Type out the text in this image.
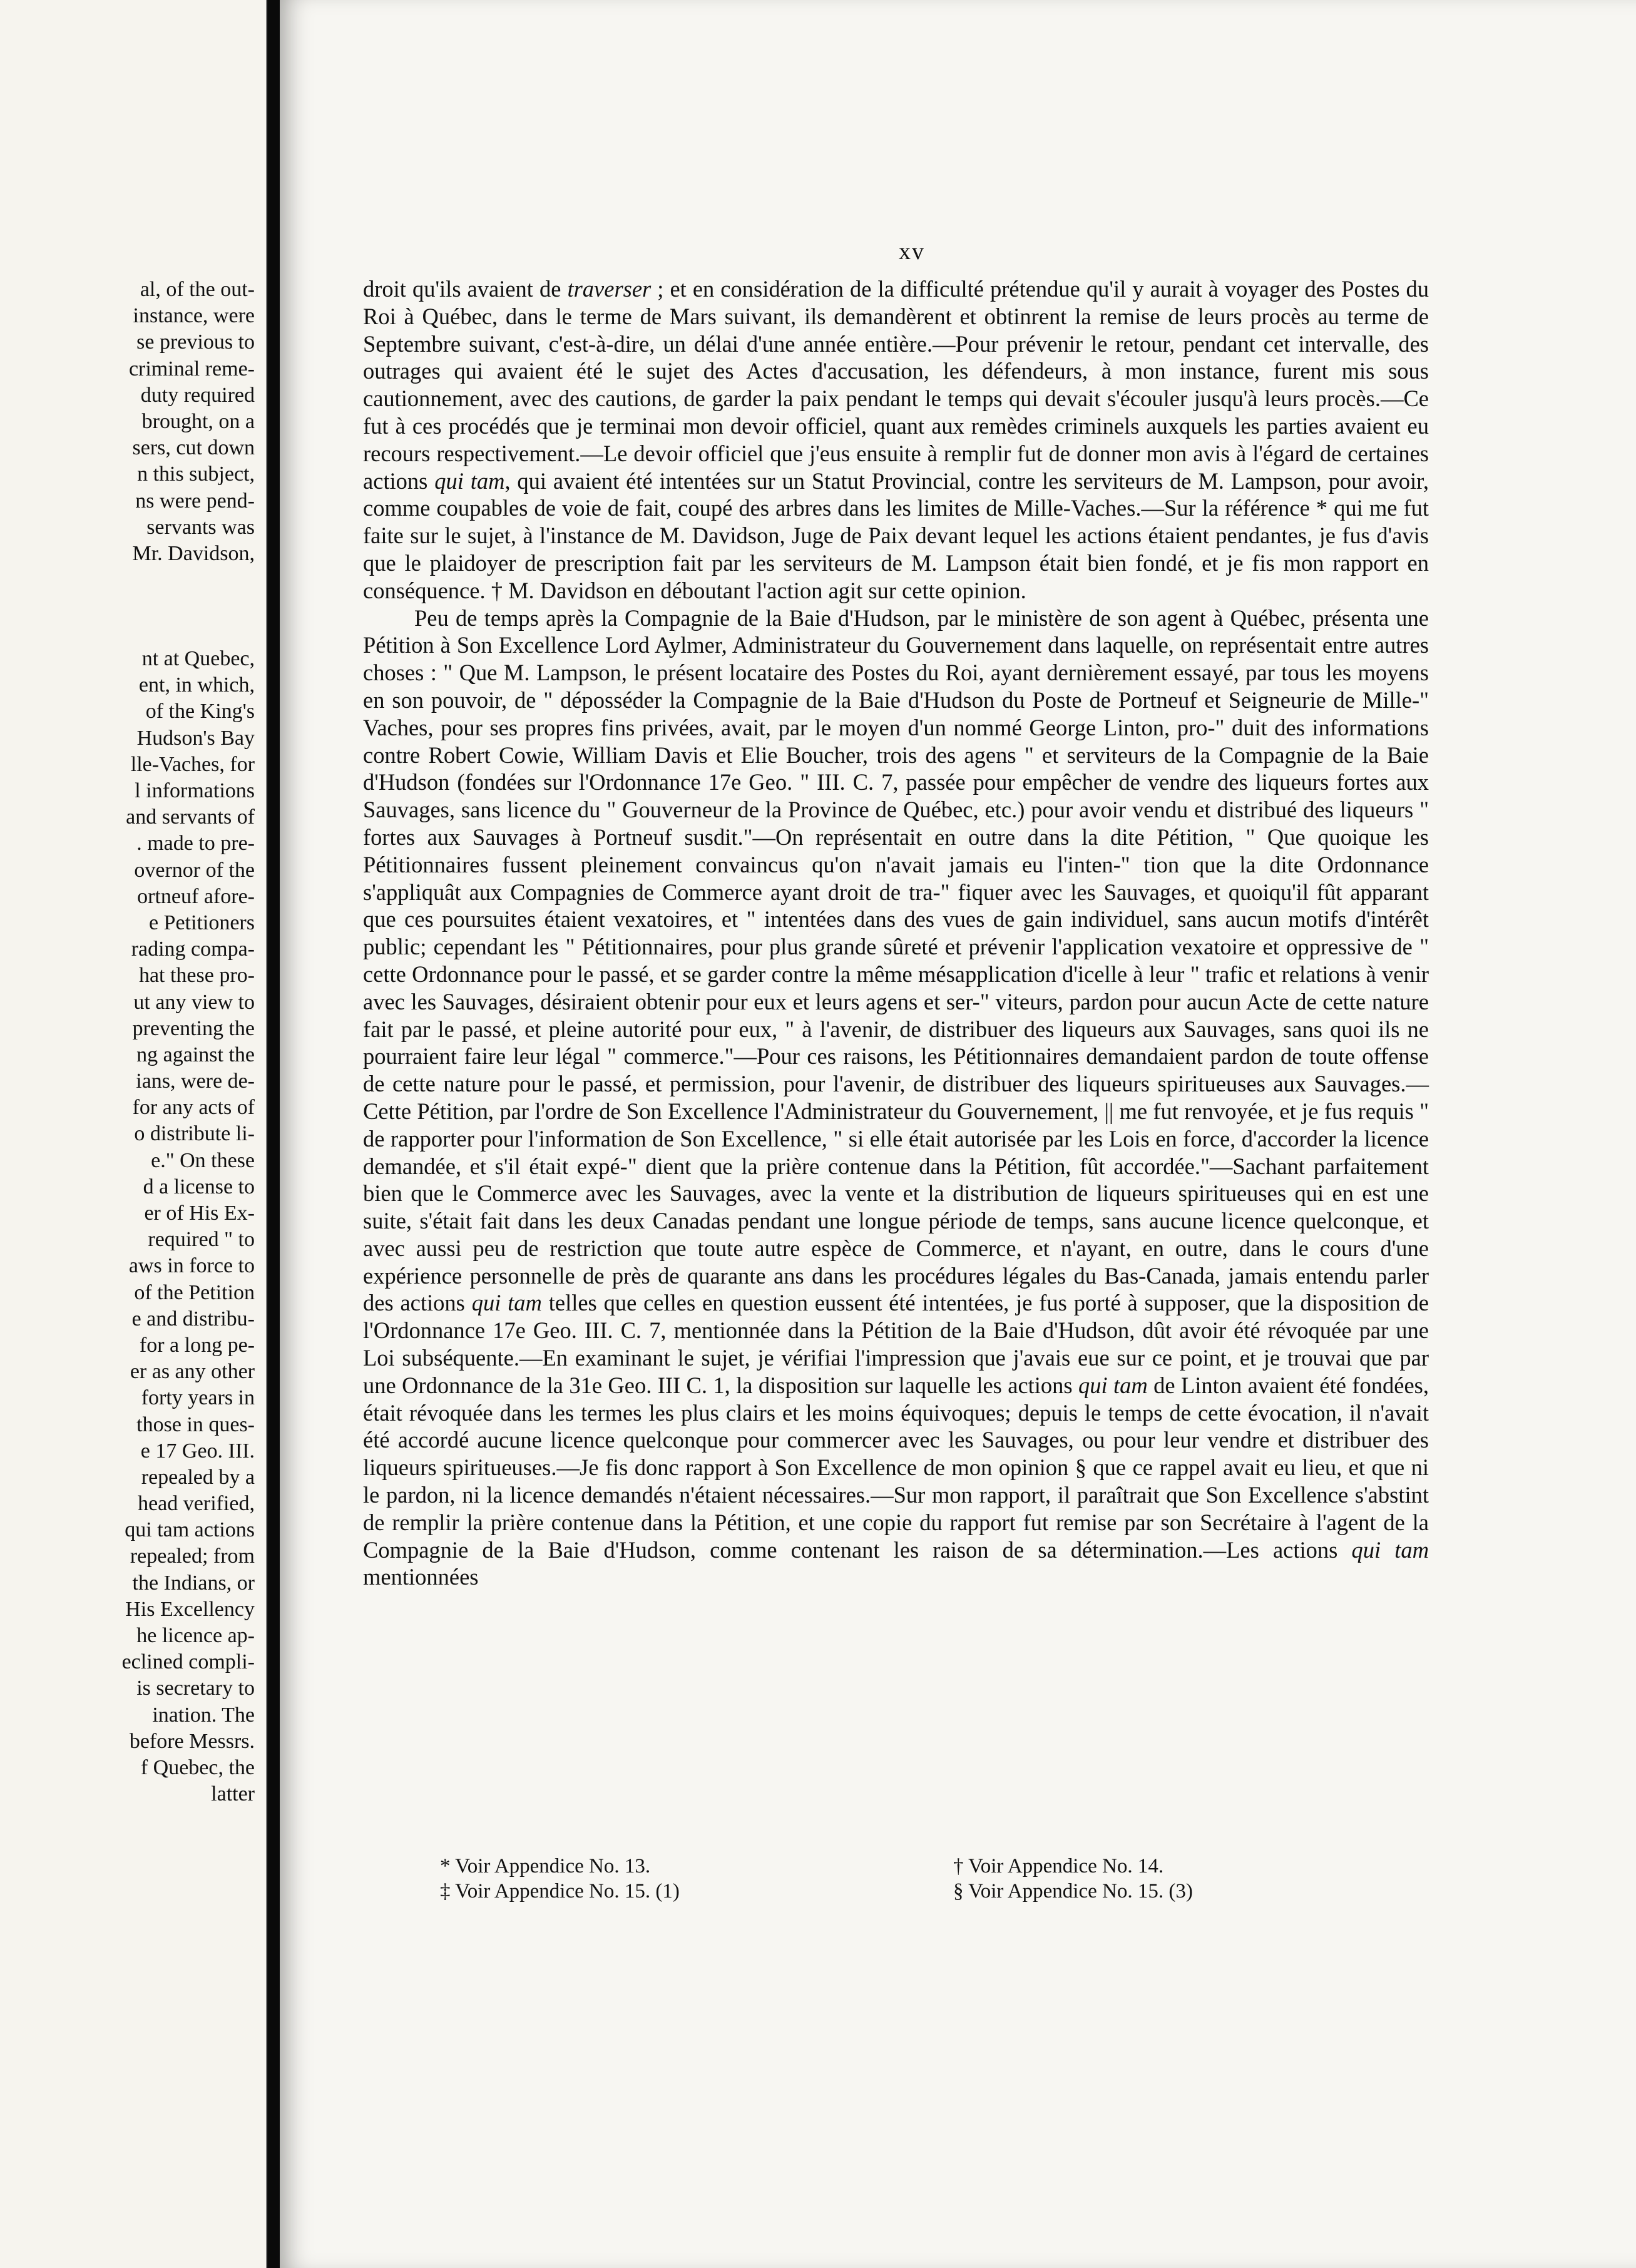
al, of the out-
instance, were
se previous to
criminal reme-
duty required
brought, on a
sers, cut down
n this subject,
ns were pend-
servants was
Mr. Davidson,
nt at Quebec,
ent, in which,
of the King's
Hudson's Bay
lle-Vaches, for
l informations
and servants of
. made to pre-
overnor of the
ortneuf afore-
e Petitioners
rading compa-
hat these pro-
ut any view to
preventing the
ng against the
ians, were de-
for any acts of
o distribute li-
e." On these
d a license to
er of His Ex-
required " to
aws in force to
of the Petition
e and distribu-
for a long pe-
er as any other
forty years in
those in ques-
e 17 Geo. III.
repealed by a
head verified,
qui tam actions
repealed; from
the Indians, or
His Excellency
he licence ap-
eclined compli-
is secretary to
ination. The
before Messrs.
f Quebec, the
latter
xv

droit qu'ils avaient de traverser ; et en considération de la difficulté prétendue qu'il y aurait à voyager des Postes du Roi à Québec, dans le terme de Mars suivant, ils demandèrent et obtinrent la remise de leurs procès au terme de Septembre suivant, c'est-à-dire, un délai d'une année entière.—Pour prévenir le retour, pendant cet intervalle, des outrages qui avaient été le sujet des Actes d'accusation, les défendeurs, à mon instance, furent mis sous cautionnement, avec des cautions, de garder la paix pendant le temps qui devait s'écouler jusqu'à leurs procès.—Ce fut à ces procédés que je terminai mon devoir officiel, quant aux remèdes criminels auxquels les parties avaient eu recours respectivement.—Le devoir officiel que j'eus ensuite à remplir fut de donner mon avis à l'égard de certaines actions qui tam, qui avaient été intentées sur un Statut Provincial, contre les serviteurs de M. Lampson, pour avoir, comme coupables de voie de fait, coupé des arbres dans les limites de Mille-Vaches.—Sur la référence * qui me fut faite sur le sujet, à l'instance de M. Davidson, Juge de Paix devant lequel les actions étaient pendantes, je fus d'avis que le plaidoyer de prescription fait par les serviteurs de M. Lampson était bien fondé, et je fis mon rapport en conséquence. † M. Davidson en déboutant l'action agit sur cette opinion.

Peu de temps après la Compagnie de la Baie d'Hudson, par le ministère de son agent à Québec, présenta une Pétition à Son Excellence Lord Aylmer, Administrateur du Gouvernement dans laquelle, on représentait entre autres choses : " Que M. Lampson, le présent locataire des Postes du Roi, ayant dernièrement essayé, par tous les moyens en son pouvoir, de " déposséder la Compagnie de la Baie d'Hudson du Poste de Portneuf et Seigneurie de Mille-" Vaches, pour ses propres fins privées, avait, par le moyen d'un nommé George Linton, pro-" duit des informations contre Robert Cowie, William Davis et Elie Boucher, trois des agens " et serviteurs de la Compagnie de la Baie d'Hudson (fondées sur l'Ordonnance 17e Geo. " III. C. 7, passée pour empêcher de vendre des liqueurs fortes aux Sauvages, sans licence du " Gouverneur de la Province de Québec, etc.) pour avoir vendu et distribué des liqueurs " fortes aux Sauvages à Portneuf susdit."—On représentait en outre dans la dite Pétition, " Que quoique les Pétitionnaires fussent pleinement convaincus qu'on n'avait jamais eu l'inten-" tion que la dite Ordonnance s'appliquât aux Compagnies de Commerce ayant droit de tra-" fiquer avec les Sauvages, et quoiqu'il fût apparant que ces poursuites étaient vexatoires, et " intentées dans des vues de gain individuel, sans aucun motifs d'intérêt public; cependant les " Pétitionnaires, pour plus grande sûreté et prévenir l'application vexatoire et oppressive de " cette Ordonnance pour le passé, et se garder contre la même mésapplication d'icelle à leur " trafic et relations à venir avec les Sauvages, désiraient obtenir pour eux et leurs agens et ser-" viteurs, pardon pour aucun Acte de cette nature fait par le passé, et pleine autorité pour eux, " à l'avenir, de distribuer des liqueurs aux Sauvages, sans quoi ils ne pourraient faire leur légal " commerce."—Pour ces raisons, les Pétitionnaires demandaient pardon de toute offense de cette nature pour le passé, et permission, pour l'avenir, de distribuer des liqueurs spiritueuses aux Sauvages.—Cette Pétition, par l'ordre de Son Excellence l'Administrateur du Gouvernement, || me fut renvoyée, et je fus requis " de rapporter pour l'information de Son Excellence, " si elle était autorisée par les Lois en force, d'accorder la licence demandée, et s'il était expé-" dient que la prière contenue dans la Pétition, fût accordée."—Sachant parfaitement bien que le Commerce avec les Sauvages, avec la vente et la distribution de liqueurs spiritueuses qui en est une suite, s'était fait dans les deux Canadas pendant une longue période de temps, sans aucune licence quelconque, et avec aussi peu de restriction que toute autre espèce de Commerce, et n'ayant, en outre, dans le cours d'une expérience personnelle de près de quarante ans dans les procédures légales du Bas-Canada, jamais entendu parler des actions qui tam telles que celles en question eussent été intentées, je fus porté à supposer, que la disposition de l'Ordonnance 17e Geo. III. C. 7, mentionnée dans la Pétition de la Baie d'Hudson, dût avoir été révoquée par une Loi subséquente.—En examinant le sujet, je vérifiai l'impression que j'avais eue sur ce point, et je trouvai que par une Ordonnance de la 31e Geo. III C. 1, la disposition sur laquelle les actions qui tam de Linton avaient été fondées, était révoquée dans les termes les plus clairs et les moins équivoques; depuis le temps de cette évocation, il n'avait été accordé aucune licence quelconque pour commercer avec les Sauvages, ou pour leur vendre et distribuer des liqueurs spiritueuses.—Je fis donc rapport à Son Excellence de mon opinion § que ce rappel avait eu lieu, et que ni le pardon, ni la licence demandés n'étaient nécessaires.—Sur mon rapport, il paraîtrait que Son Excellence s'abstint de remplir la prière contenue dans la Pétition, et une copie du rapport fut remise par son Secrétaire à l'agent de la Compagnie de la Baie d'Hudson, comme contenant les raison de sa détermination.—Les actions qui tam mentionnées

* Voir Appendice No. 13.	† Voir Appendice No. 14.
‡ Voir Appendice No. 15. (1)	§ Voir Appendice No. 15. (3)
